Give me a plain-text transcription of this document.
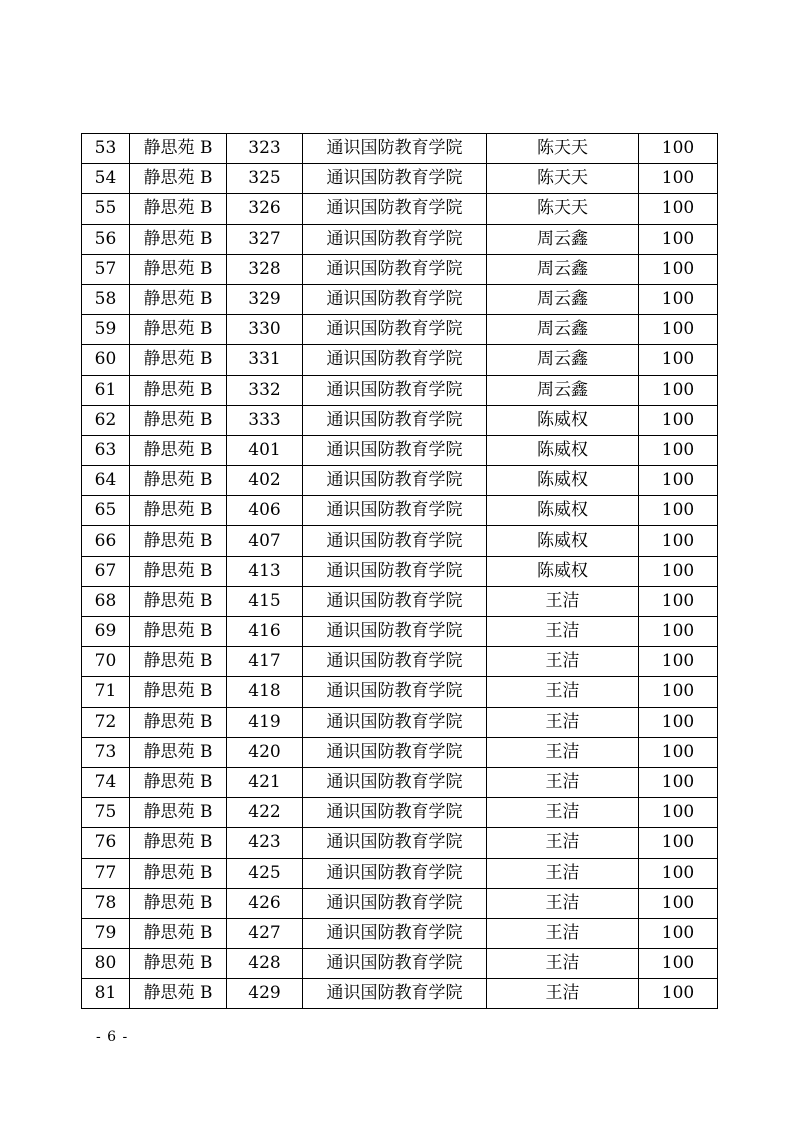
53	静思苑 B	323	通识国防教育学院	陈天天	100
54	静思苑 B	325	通识国防教育学院	陈天天	100
55	静思苑 B	326	通识国防教育学院	陈天天	100
56	静思苑 B	327	通识国防教育学院	周云鑫	100
57	静思苑 B	328	通识国防教育学院	周云鑫	100
58	静思苑 B	329	通识国防教育学院	周云鑫	100
59	静思苑 B	330	通识国防教育学院	周云鑫	100
60	静思苑 B	331	通识国防教育学院	周云鑫	100
61	静思苑 B	332	通识国防教育学院	周云鑫	100
62	静思苑 B	333	通识国防教育学院	陈威权	100
63	静思苑 B	401	通识国防教育学院	陈威权	100
64	静思苑 B	402	通识国防教育学院	陈威权	100
65	静思苑 B	406	通识国防教育学院	陈威权	100
66	静思苑 B	407	通识国防教育学院	陈威权	100
67	静思苑 B	413	通识国防教育学院	陈威权	100
68	静思苑 B	415	通识国防教育学院	王洁	100
69	静思苑 B	416	通识国防教育学院	王洁	100
70	静思苑 B	417	通识国防教育学院	王洁	100
71	静思苑 B	418	通识国防教育学院	王洁	100
72	静思苑 B	419	通识国防教育学院	王洁	100
73	静思苑 B	420	通识国防教育学院	王洁	100
74	静思苑 B	421	通识国防教育学院	王洁	100
75	静思苑 B	422	通识国防教育学院	王洁	100
76	静思苑 B	423	通识国防教育学院	王洁	100
77	静思苑 B	425	通识国防教育学院	王洁	100
78	静思苑 B	426	通识国防教育学院	王洁	100
79	静思苑 B	427	通识国防教育学院	王洁	100
80	静思苑 B	428	通识国防教育学院	王洁	100
81	静思苑 B	429	通识国防教育学院	王洁	100
- 6 -
